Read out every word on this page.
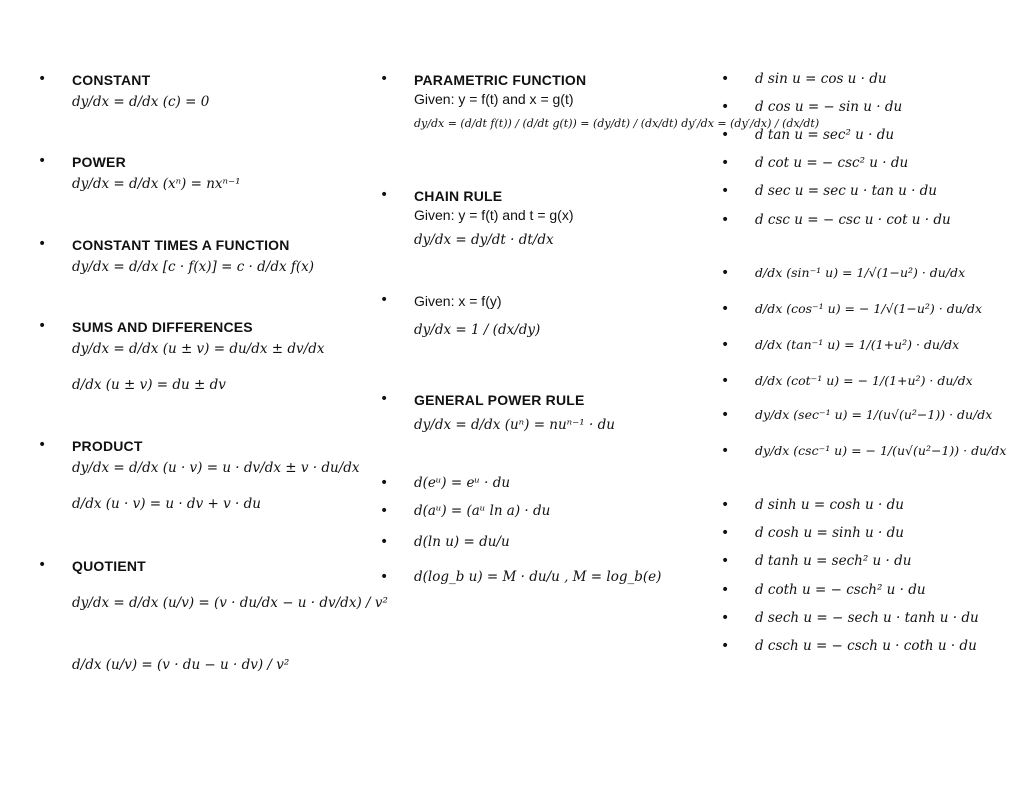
• CONSTANT
dy/dx = d/dx (c) = 0
• POWER
dy/dx = d/dx (xⁿ) = nxⁿ⁻¹
• CONSTANT TIMES A FUNCTION
dy/dx = d/dx [c · f(x)] = c · d/dx f(x)
• SUMS AND DIFFERENCES
dy/dx = d/dx (u ± v) = du/dx ± dv/dx
d/dx (u ± v) = du ± dv
• PRODUCT
dy/dx = d/dx (u · v) = u · dv/dx ± v · du/dx
d/dx (u · v) = u · dv + v · du
• QUOTIENT
dy/dx = d/dx (u/v) = (v · du/dx − u · dv/dx) / v²
d/dx (u/v) = (v · du − u · dv) / v²
• PARAMETRIC FUNCTION
Given: y = f(t) and x = g(t)
dy/dx = (d/dt f(t)) / (d/dt g(t)) = (dy/dt) / (dx/dt) dy′/dx = (dy′/dx) / (dx/dt)
• CHAIN RULE
Given: y = f(t) and t = g(x)
dy/dx = dy/dt · dt/dx
• Given: x = f(y)
dy/dx = 1 / (dx/dy)
• GENERAL POWER RULE
dy/dx = d/dx (uⁿ) = nuⁿ⁻¹ · du
• d(eᵘ) = eᵘ · du
• d(aᵘ) = (aᵘ ln a) · du
• d(ln u) = du/u
• d(log_b u) = M · du/u , M = log_b(e)
• d sin u = cos u · du
• d cos u = − sin u · du
• d tan u = sec² u · du
• d cot u = − csc² u · du
• d sec u = sec u · tan u · du
• d csc u = − csc u · cot u · du
• d/dx (sin⁻¹ u) = 1/√(1−u²) · du/dx
• d/dx (cos⁻¹ u) = − 1/√(1−u²) · du/dx
• d/dx (tan⁻¹ u) = 1/(1+u²) · du/dx
• d/dx (cot⁻¹ u) = − 1/(1+u²) · du/dx
• dy/dx (sec⁻¹ u) = 1/(u√(u²−1)) · du/dx
• dy/dx (csc⁻¹ u) = − 1/(u√(u²−1)) · du/dx
• d sinh u = cosh u · du
• d cosh u = sinh u · du
• d tanh u = sech² u · du
• d coth u = − csch² u · du
• d sech u = − sech u · tanh u · du
• d csch u = − csch u · coth u · du
